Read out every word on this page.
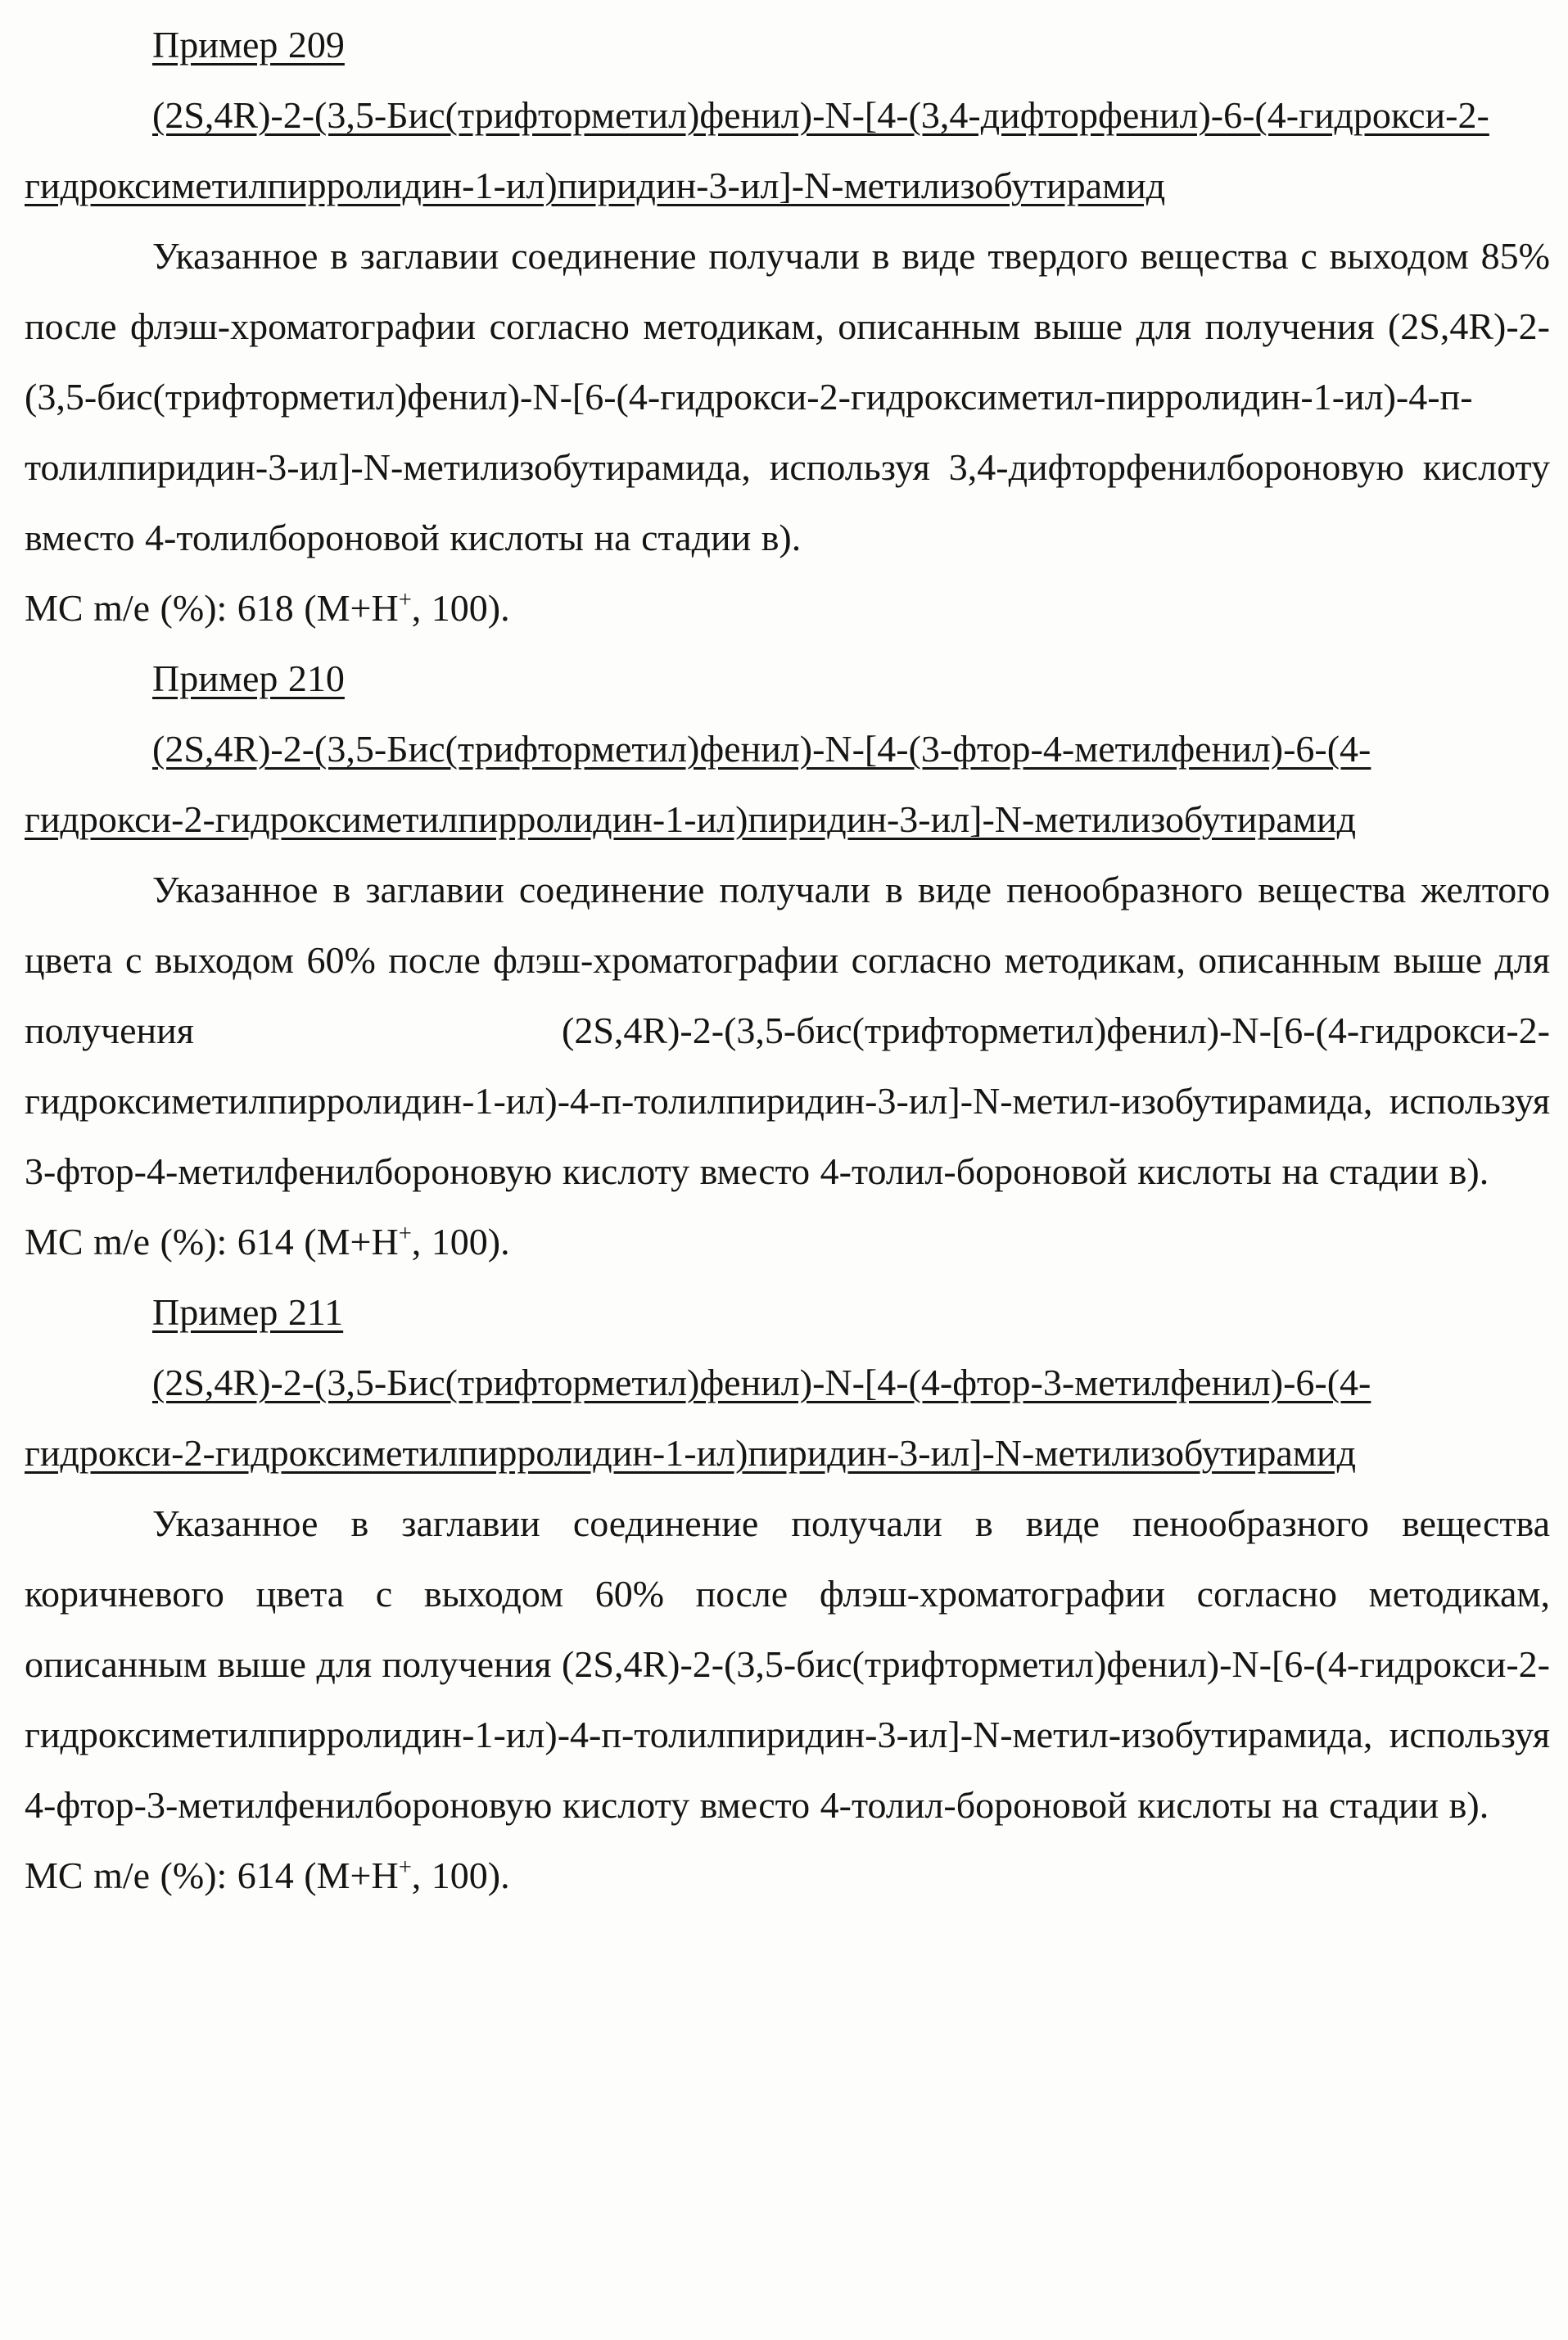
Пример 209

(2S,4R)-2-(3,5-Бис(трифторметил)фенил)-N-[4-(3,4-дифторфенил)-6-(4-гидрокси-2-гидроксиметилпирролидин-1-ил)пиридин-3-ил]-N-метилизобутирамид

Указанное в заглавии соединение получали в виде твердого вещества с выходом 85% после флэш-хроматографии согласно методикам, описанным выше для получения (2S,4R)-2-(3,5-бис(трифторметил)фенил)-N-[6-(4-гидрокси-2-гидроксиметил-пирролидин-1-ил)-4-п-толилпиридин-3-ил]-N-метилизобутирамида, используя 3,4-дифторфенилбороновую кислоту вместо 4-толилбороновой кислоты на стадии в).

МС m/e (%): 618 (M+H+, 100).

Пример 210

(2S,4R)-2-(3,5-Бис(трифторметил)фенил)-N-[4-(3-фтор-4-метилфенил)-6-(4-гидрокси-2-гидроксиметилпирролидин-1-ил)пиридин-3-ил]-N-метилизобутирамид

Указанное в заглавии соединение получали в виде пенообразного вещества желтого цвета с выходом 60% после флэш-хроматографии согласно методикам, описанным выше для получения (2S,4R)-2-(3,5-бис(трифторметил)фенил)-N-[6-(4-гидрокси-2-гидроксиметилпирролидин-1-ил)-4-п-толилпиридин-3-ил]-N-метил-изобутирамида, используя 3-фтор-4-метилфенилбороновую кислоту вместо 4-толил-бороновой кислоты на стадии в).

МС m/e (%): 614 (M+H+, 100).

Пример 211

(2S,4R)-2-(3,5-Бис(трифторметил)фенил)-N-[4-(4-фтор-3-метилфенил)-6-(4-гидрокси-2-гидроксиметилпирролидин-1-ил)пиридин-3-ил]-N-метилизобутирамид

Указанное в заглавии соединение получали в виде пенообразного вещества коричневого цвета с выходом 60% после флэш-хроматографии согласно методикам, описанным выше для получения (2S,4R)-2-(3,5-бис(трифторметил)фенил)-N-[6-(4-гидрокси-2-гидроксиметилпирролидин-1-ил)-4-п-толилпиридин-3-ил]-N-метил-изобутирамида, используя 4-фтор-3-метилфенилбороновую кислоту вместо 4-толил-бороновой кислоты на стадии в).

МС m/e (%): 614 (M+H+, 100).
